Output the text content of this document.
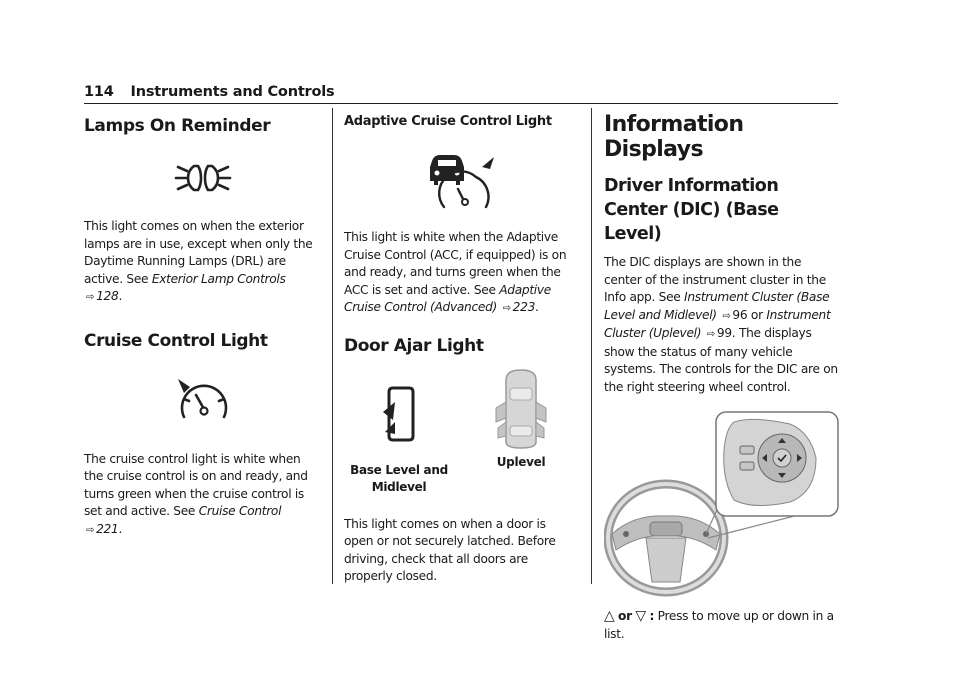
114 Instruments and Controls
Lamps On Reminder

This light comes on when the exterior lamps are in use, except when only the Daytime Running Lamps (DRL) are active. See Exterior Lamp Controls ⇨ 128.

Cruise Control Light

The cruise control light is white when the cruise control is on and ready, and turns green when the cruise control is set and active. See Cruise Control ⇨ 221.

Adaptive Cruise Control Light

This light is white when the Adaptive Cruise Control (ACC, if equipped) is on and ready, and turns green when the ACC is set and active. See Adaptive Cruise Control (Advanced) ⇨ 223.

Door Ajar Light
Base Level and Midlevel
Uplevel

This light comes on when a door is open or not securely latched. Before driving, check that all doors are properly closed.

Information Displays
Driver Information Center (DIC) (Base Level)

The DIC displays are shown in the center of the instrument cluster in the Info app. See Instrument Cluster (Base Level and Midlevel) ⇨ 96 or Instrument Cluster (Uplevel) ⇨ 99. The displays show the status of many vehicle systems. The controls for the DIC are on the right steering wheel control.

△ or ▽ : Press to move up or down in a list.
